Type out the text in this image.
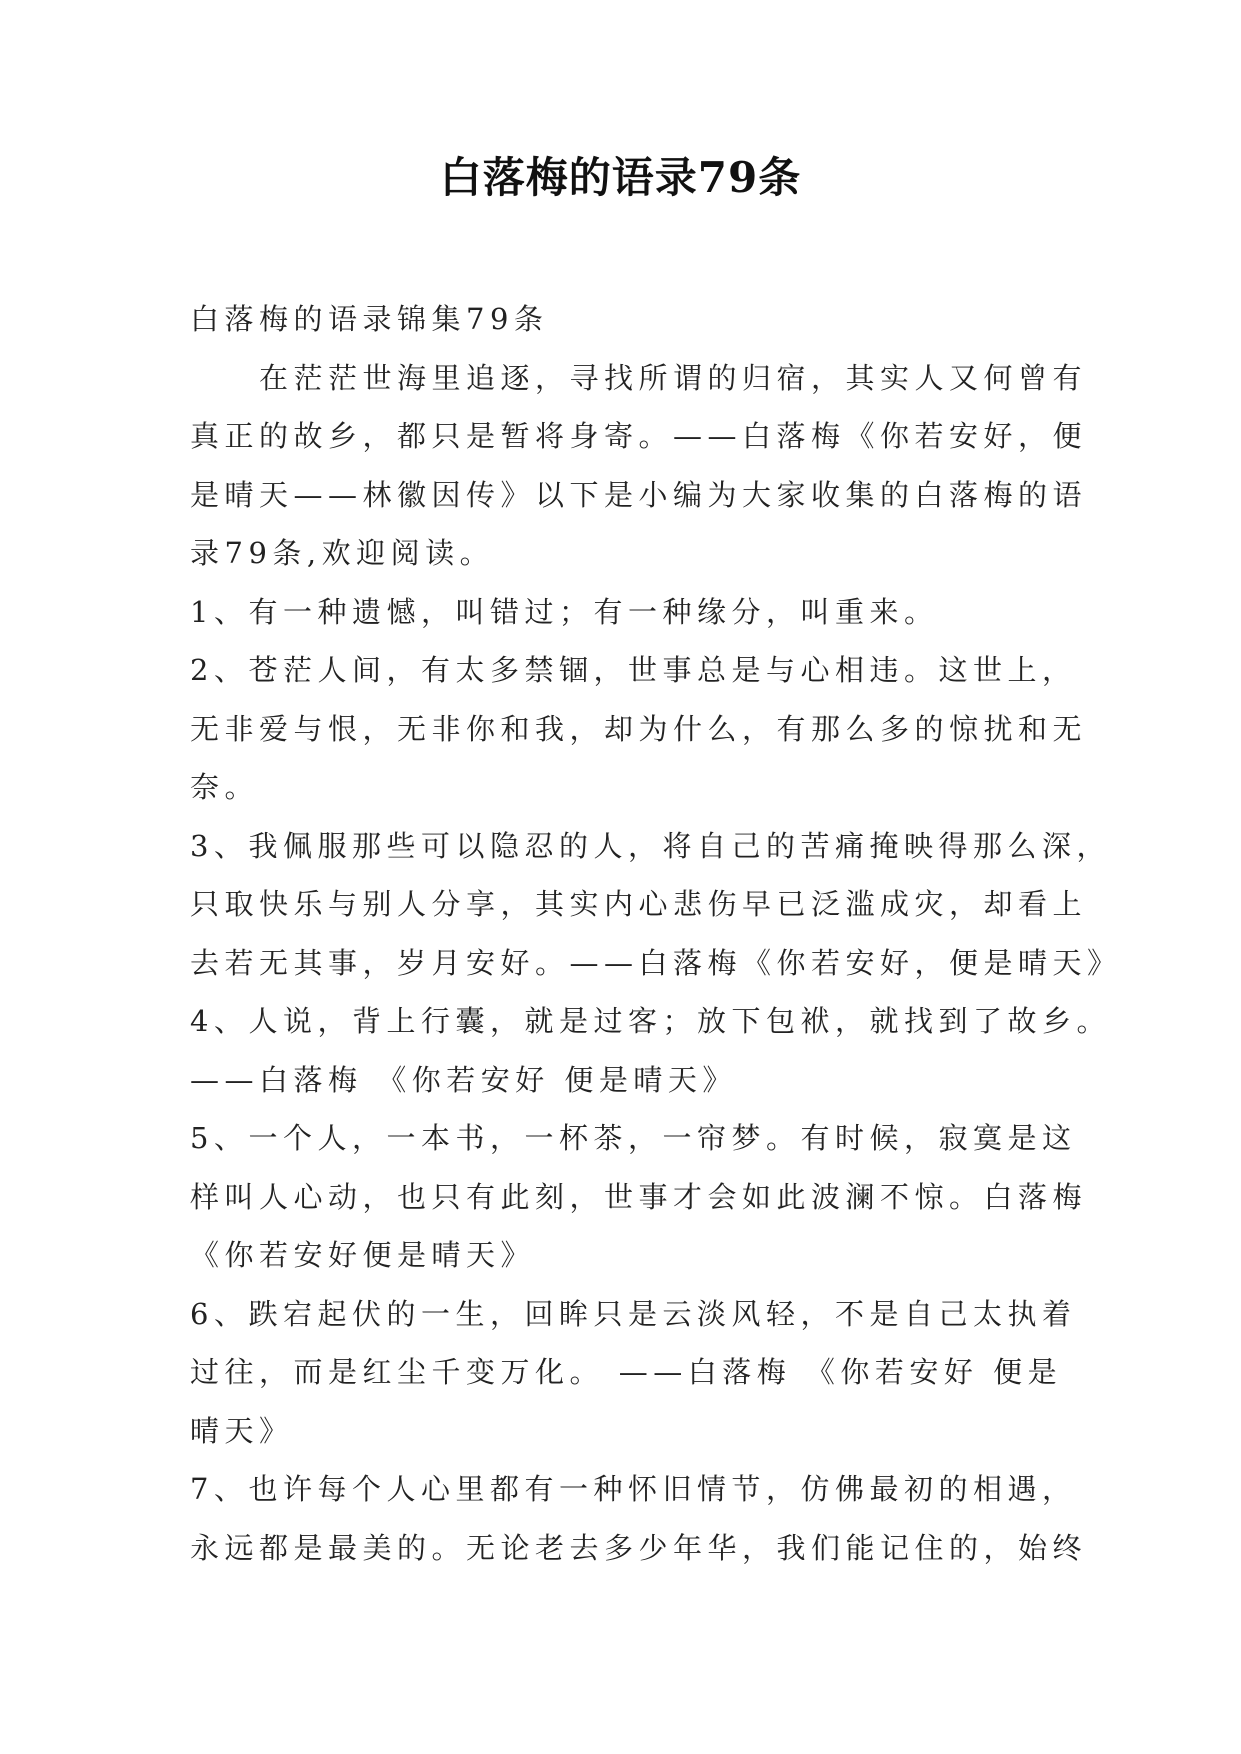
白落梅的语录79条
白落梅的语录锦集79条
　　在茫茫世海里追逐，寻找所谓的归宿，其实人又何曾有
真正的故乡，都只是暂将身寄。——白落梅《你若安好，便
是晴天——林徽因传》以下是小编为大家收集的白落梅的语
录79条,欢迎阅读。
1、有一种遗憾，叫错过；有一种缘分，叫重来。
2、苍茫人间，有太多禁锢，世事总是与心相违。这世上，
无非爱与恨，无非你和我，却为什么，有那么多的惊扰和无
奈。
3、我佩服那些可以隐忍的人，将自己的苦痛掩映得那么深，
只取快乐与别人分享，其实内心悲伤早已泛滥成灾，却看上
去若无其事，岁月安好。——白落梅《你若安好，便是晴天》
4、人说，背上行囊，就是过客；放下包袱，就找到了故乡。
——白落梅 《你若安好 便是晴天》
5、一个人，一本书，一杯茶，一帘梦。有时候，寂寞是这
样叫人心动，也只有此刻，世事才会如此波澜不惊。白落梅
《你若安好便是晴天》
6、跌宕起伏的一生，回眸只是云淡风轻，不是自己太执着
过往，而是红尘千变万化。 ——白落梅 《你若安好 便是
晴天》
7、也许每个人心里都有一种怀旧情节，仿佛最初的相遇，
永远都是最美的。无论老去多少年华，我们能记住的，始终
